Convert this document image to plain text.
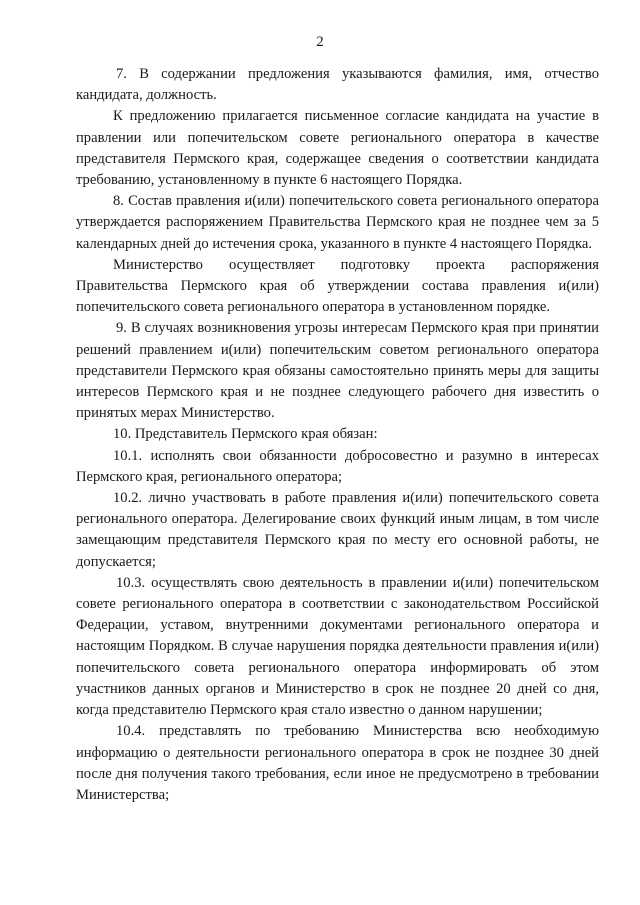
2

7. В содержании предложения указываются фамилия, имя, отчество кандидата, должность.

К предложению прилагается письменное согласие кандидата на участие в правлении или попечительском совете регионального оператора в качестве представителя Пермского края, содержащее сведения о соответствии кандидата требованию, установленному в пункте 6 настоящего Порядка.

8. Состав правления и(или) попечительского совета регионального оператора утверждается распоряжением Правительства Пермского края не позднее чем за 5 календарных дней до истечения срока, указанного в пункте 4 настоящего Порядка.

Министерство осуществляет подготовку проекта распоряжения Правительства Пермского края об утверждении состава правления и(или) попечительского совета регионального оператора в установленном порядке.

9. В случаях возникновения угрозы интересам Пермского края при принятии решений правлением и(или) попечительским советом регионального оператора представители Пермского края обязаны самостоятельно принять меры для защиты интересов Пермского края и не позднее следующего рабочего дня известить о принятых мерах Министерство.

10. Представитель Пермского края обязан:

10.1. исполнять свои обязанности добросовестно и разумно в интересах Пермского края, регионального оператора;

10.2. лично участвовать в работе правления и(или) попечительского совета регионального оператора. Делегирование своих функций иным лицам, в том числе замещающим представителя Пермского края по месту его основной работы, не допускается;

10.3. осуществлять свою деятельность в правлении и(или) попечительском совете регионального оператора в соответствии с законодательством Российской Федерации, уставом, внутренними документами регионального оператора и настоящим Порядком. В случае нарушения порядка деятельности правления и(или) попечительского совета регионального оператора информировать об этом участников данных органов и Министерство в срок не позднее 20 дней со дня, когда представителю Пермского края стало известно о данном нарушении;

10.4. представлять по требованию Министерства всю необходимую информацию о деятельности регионального оператора в срок не позднее 30 дней после дня получения такого требования, если иное не предусмотрено в требовании Министерства;
